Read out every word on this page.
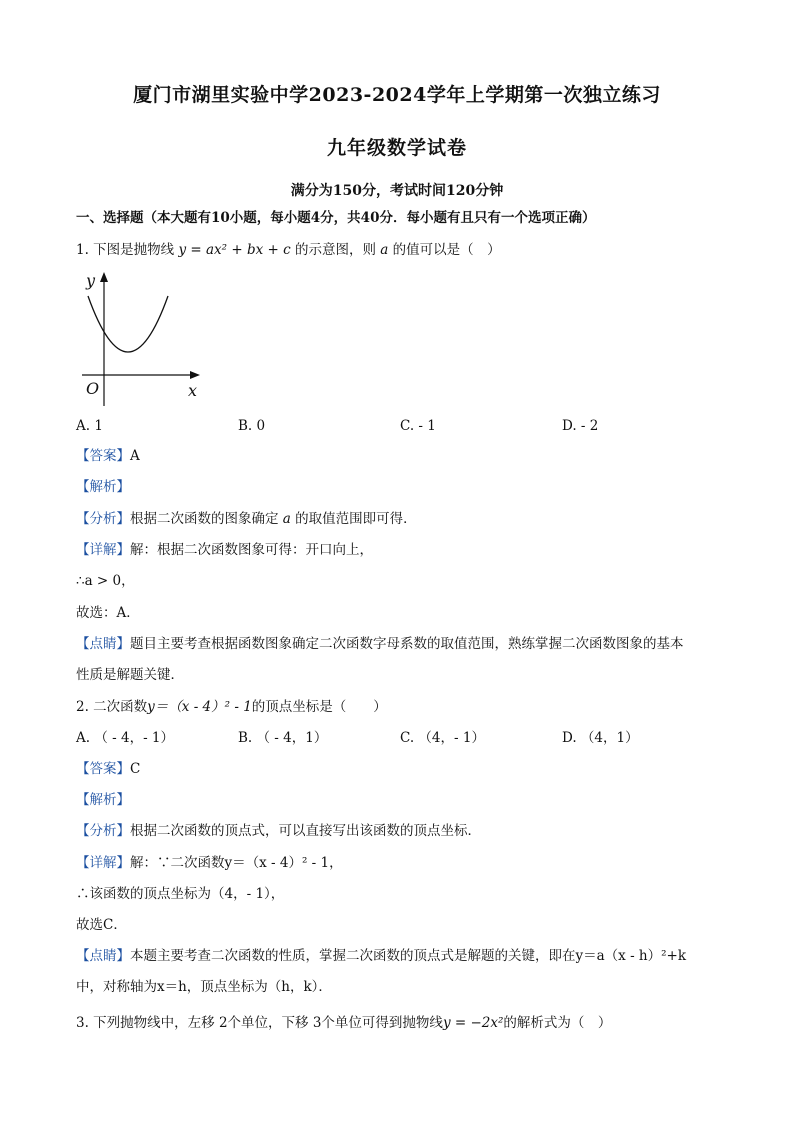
厦门市湖里实验中学2023-2024学年上学期第一次独立练习
九年级数学试卷
满分为150分，考试时间120分钟
一、选择题（本大题有10小题，每小题4分，共40分．每小题有且只有一个选项正确）
1. 下图是抛物线 y = ax² + bx + c 的示意图，则 a 的值可以是（　）
y
x
O
A. 1	B. 0	C. - 1	D. - 2
【答案】A
【解析】
【分析】根据二次函数的图象确定 a 的取值范围即可得．
【详解】解：根据二次函数图象可得：开口向上，
∴a > 0，
故选：A．
【点睛】题目主要考查根据函数图象确定二次函数字母系数的取值范围，熟练掌握二次函数图象的基本
性质是解题关键．
2. 二次函数y＝（x - 4）² - 1的顶点坐标是（　　）
A. （ - 4，- 1）	B. （ - 4，1）	C. （4，- 1）	D. （4，1）
【答案】C
【解析】
【分析】根据二次函数的顶点式，可以直接写出该函数的顶点坐标．
【详解】解：∵二次函数y＝（x - 4）² - 1，
∴该函数的顶点坐标为（4，- 1），
故选C．
【点睛】本题主要考查二次函数的性质，掌握二次函数的顶点式是解题的关键，即在y＝a（x - h）²+k
中，对称轴为x＝h，顶点坐标为（h，k）．
3. 下列抛物线中，左移 2个单位，下移 3个单位可得到抛物线y = −2x²的解析式为（　）
